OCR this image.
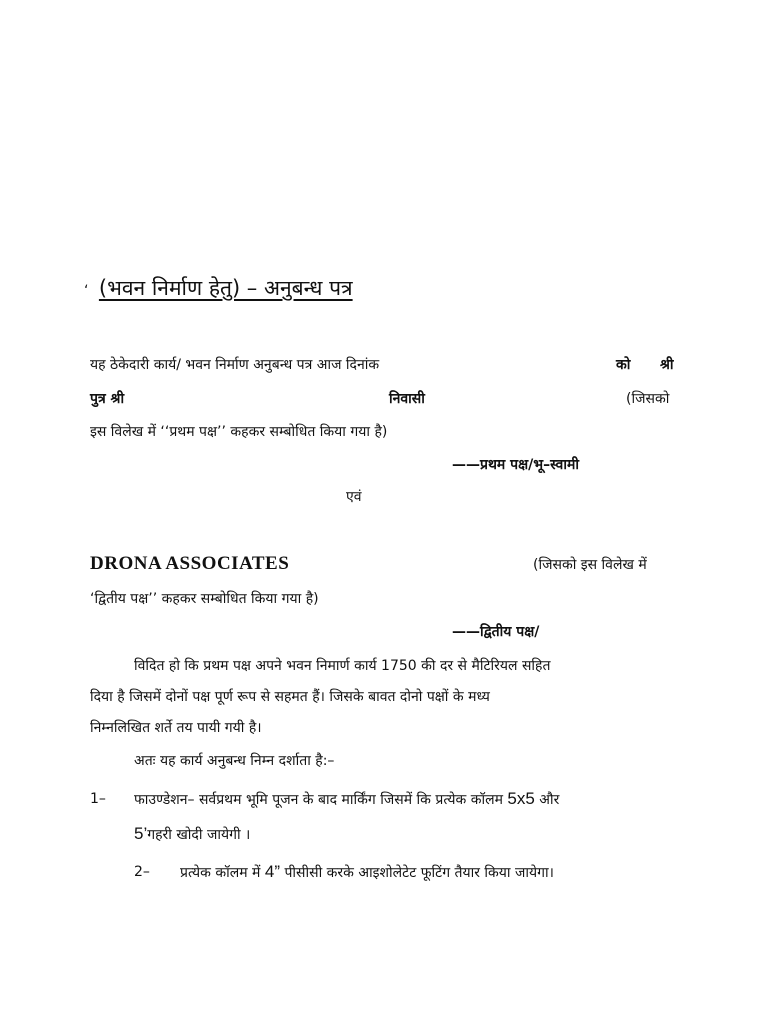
‘ (भवन निर्माण हेतु) – अनुबन्ध पत्र
यह ठेकेदारी कार्य/ भवन निर्माण अनुबन्ध पत्र आज दिनांक	को श्री
पुत्र श्री	निवासी	(जिसको
इस विलेख में ‘‘प्रथम पक्ष’’ कहकर सम्बोधित किया गया है)
——प्रथम पक्ष/भू–स्वामी
एवं
DRONA ASSOCIATES	(जिसको इस विलेख में
‘द्वितीय पक्ष’’ कहकर सम्बोधित किया गया है)
——द्वितीय पक्ष/
विदित हो कि प्रथम पक्ष अपने भवन निमार्ण कार्य 1750 की दर से मैटिरियल सहित
दिया है जिसमें दोनों पक्ष पूर्ण रूप से सहमत हैं। जिसके बावत दोनो पक्षों के मध्य
निम्नलिखित शर्ते तय पायी गयी है।
अतः यह कार्य अनुबन्ध निम्न दर्शाता है:–
1– फाउण्डेशन– सर्वप्रथम भूमि पूजन के बाद मार्किंग जिसमें कि प्रत्येक कॉलम 5x5 और
5’गहरी खोदी जायेगी ।
2– प्रत्येक कॉलम में 4” पीसीसी करके आइशोलेटेट फूटिंग तैयार किया जायेगा।
